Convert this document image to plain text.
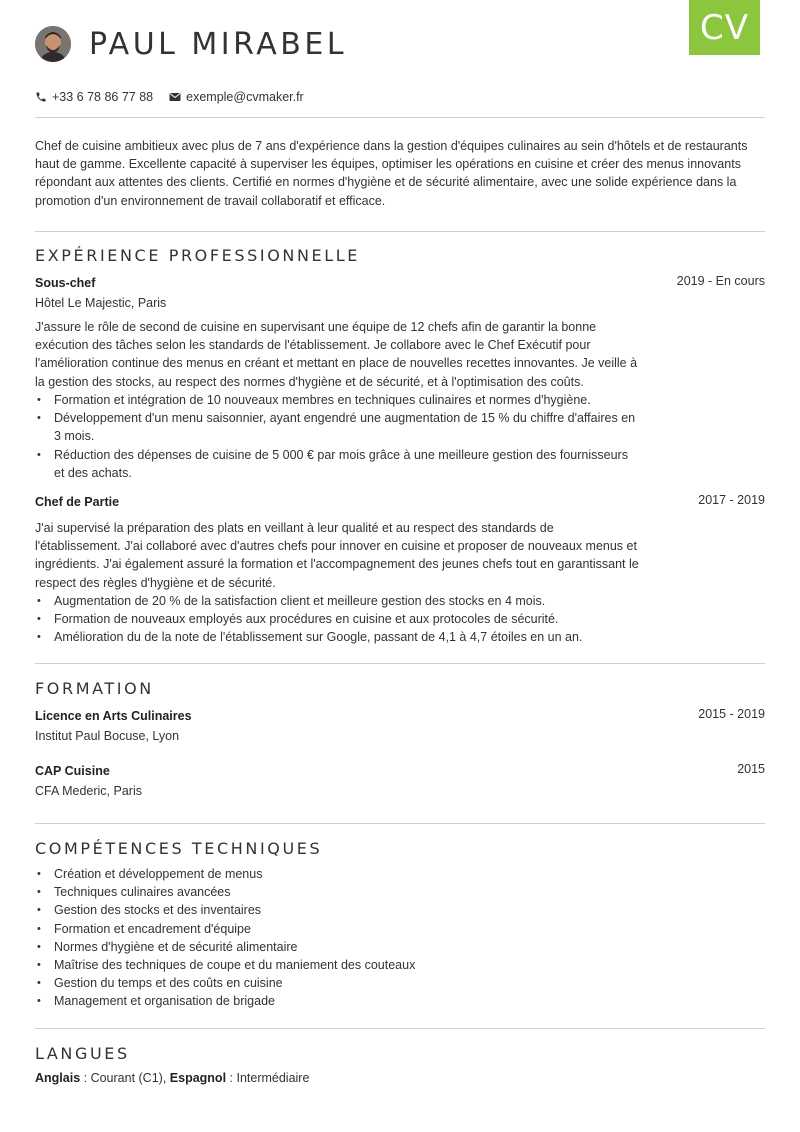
CV
PAUL MIRABEL
+33 6 78 86 77 88	exemple@cvmaker.fr
Chef de cuisine ambitieux avec plus de 7 ans d'expérience dans la gestion d'équipes culinaires au sein d'hôtels et de restaurants haut de gamme. Excellente capacité à superviser les équipes, optimiser les opérations en cuisine et créer des menus innovants répondant aux attentes des clients. Certifié en normes d'hygiène et de sécurité alimentaire, avec une solide expérience dans la promotion d'un environnement de travail collaboratif et efficace.
EXPÉRIENCE PROFESSIONNELLE
Sous-chef	2019 - En cours
Hôtel Le Majestic, Paris
J'assure le rôle de second de cuisine en supervisant une équipe de 12 chefs afin de garantir la bonne exécution des tâches selon les standards de l'établissement. Je collabore avec le Chef Exécutif pour l'amélioration continue des menus en créant et mettant en place de nouvelles recettes innovantes. Je veille à la gestion des stocks, au respect des normes d'hygiène et de sécurité, et à l'optimisation des coûts.
• Formation et intégration de 10 nouveaux membres en techniques culinaires et normes d'hygiène.
• Développement d'un menu saisonnier, ayant engendré une augmentation de 15 % du chiffre d'affaires en 3 mois.
• Réduction des dépenses de cuisine de 5 000 € par mois grâce à une meilleure gestion des fournisseurs et des achats.
Chef de Partie	2017 - 2019
J'ai supervisé la préparation des plats en veillant à leur qualité et au respect des standards de l'établissement. J'ai collaboré avec d'autres chefs pour innover en cuisine et proposer de nouveaux menus et ingrédients. J'ai également assuré la formation et l'accompagnement des jeunes chefs tout en garantissant le respect des règles d'hygiène et de sécurité.
• Augmentation de 20 % de la satisfaction client et meilleure gestion des stocks en 4 mois.
• Formation de nouveaux employés aux procédures en cuisine et aux protocoles de sécurité.
• Amélioration du de la note de l'établissement sur Google, passant de 4,1 à 4,7 étoiles en un an.
FORMATION
Licence en Arts Culinaires	2015 - 2019
Institut Paul Bocuse, Lyon
CAP Cuisine	2015
CFA Mederic, Paris
COMPÉTENCES TECHNIQUES
• Création et développement de menus
• Techniques culinaires avancées
• Gestion des stocks et des inventaires
• Formation et encadrement d'équipe
• Normes d'hygiène et de sécurité alimentaire
• Maîtrise des techniques de coupe et du maniement des couteaux
• Gestion du temps et des coûts en cuisine
• Management et organisation de brigade
LANGUES
Anglais : Courant (C1), Espagnol : Intermédiaire
